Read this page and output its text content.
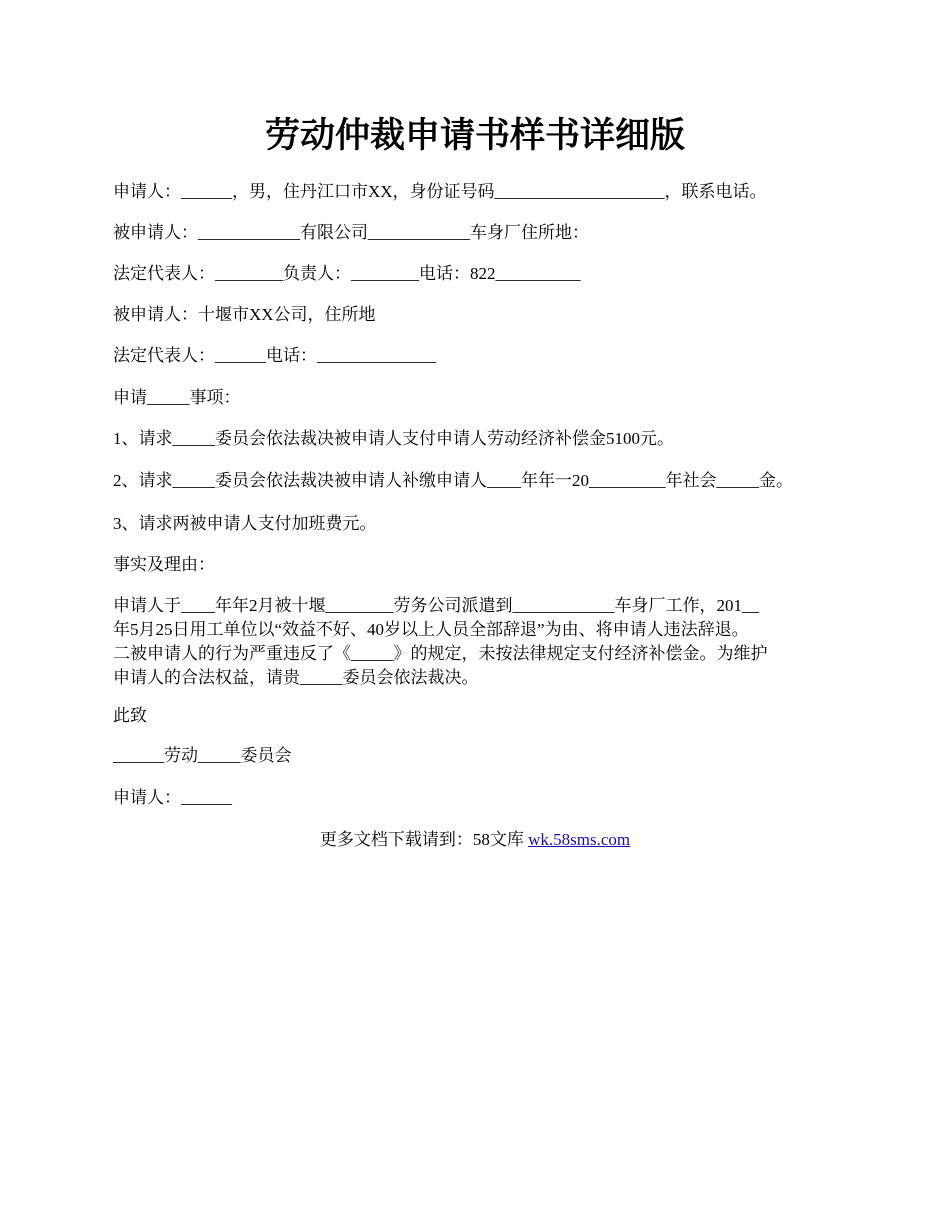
劳动仲裁申请书样书详细版

申请人：______，男，住丹江口市XX，身份证号码____________________，联系电话。

被申请人：____________有限公司____________车身厂住所地：

法定代表人：________负责人：________电话：822__________

被申请人：十堰市XX公司，住所地

法定代表人：______电话：______________

申请_____事项：

1、请求_____委员会依法裁决被申请人支付申请人劳动经济补偿金5100元。

2、请求_____委员会依法裁决被申请人补缴申请人____年年一20_________年社会_____金。

3、请求两被申请人支付加班费元。

事实及理由：

申请人于____年年2月被十堰________劳务公司派遣到____________车身厂工作，201__
年5月25日用工单位以“效益不好、40岁以上人员全部辞退”为由、将申请人违法辞退。
二被申请人的行为严重违反了《_____》的规定，未按法律规定支付经济补偿金。为维护
申请人的合法权益，请贵_____委员会依法裁决。

此致

______劳动_____委员会

申请人：______

更多文档下载请到：58文库 wk.58sms.com
